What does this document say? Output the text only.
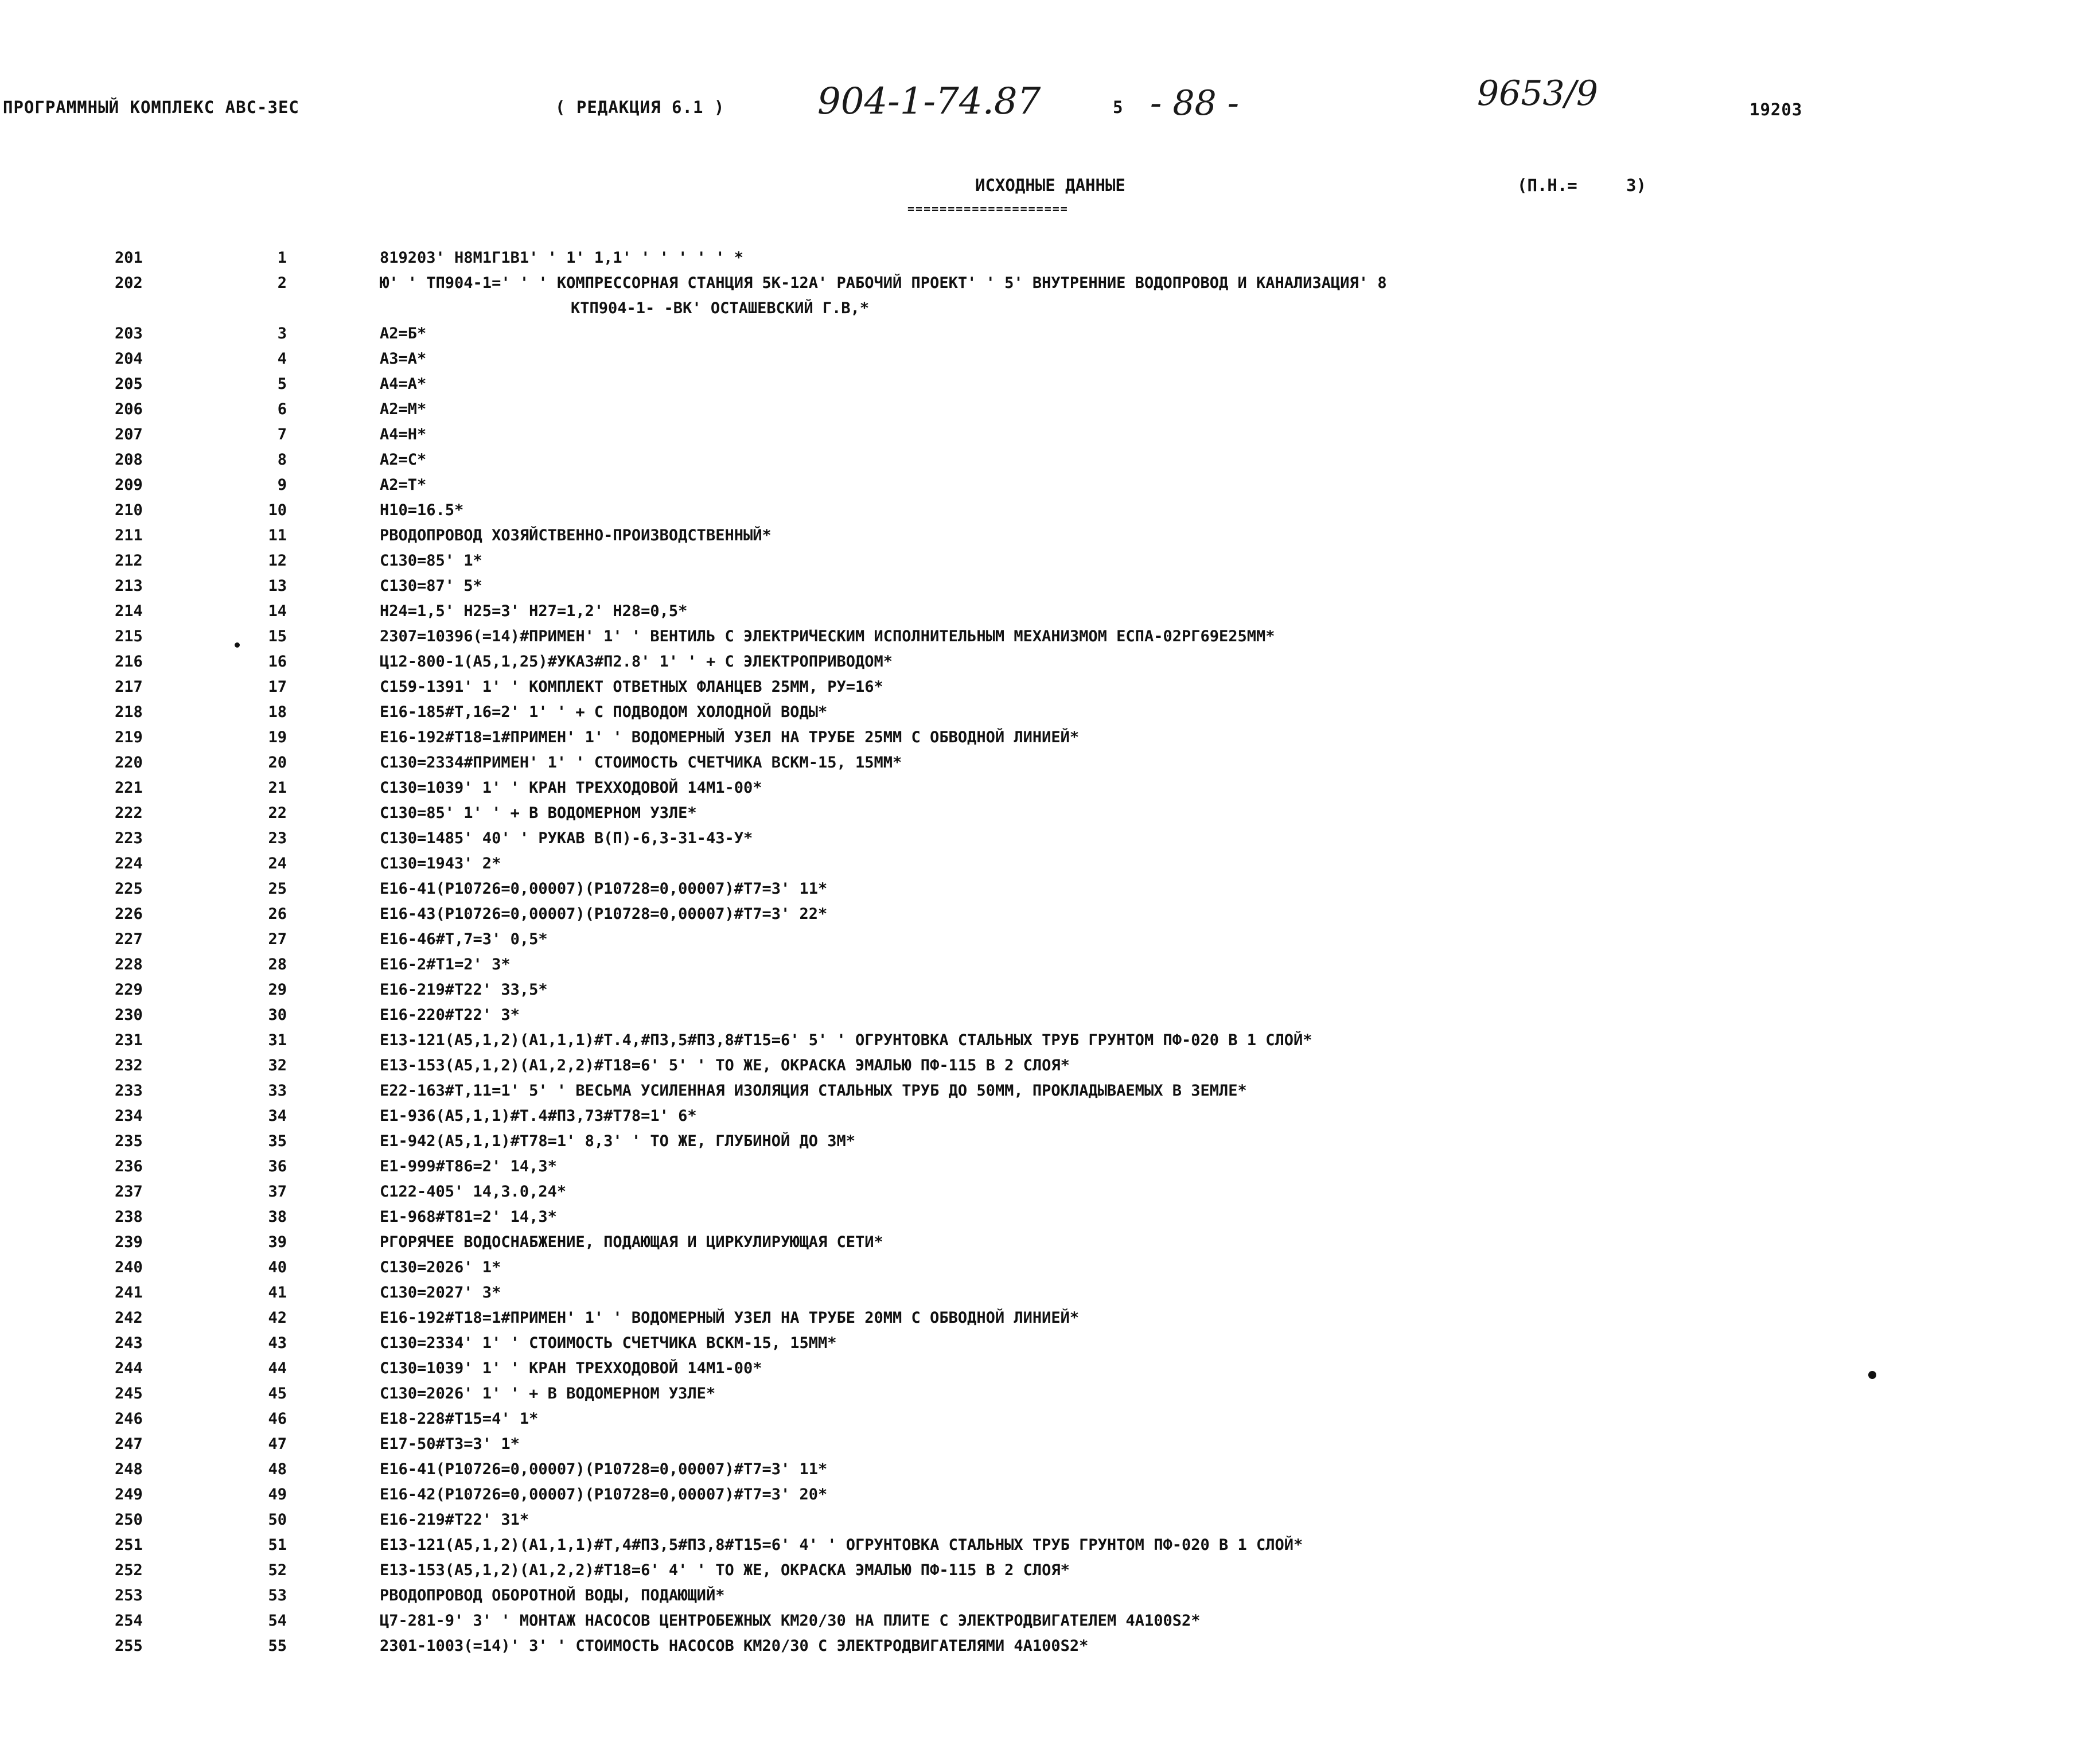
ПРОГРАММНЫЙ КОМПЛЕКС АВС-ЗЕС	( РЕДАКЦИЯ 6.1 )	904-1-74.87	5 - 88 -	9653/9	19203
ИСХОДНЫЕ ДАННЫЕ
====================
(П.Н.=	3)
201	1	819203' Н8М1Г1В1' ' 1' 1,1' ' ' ' ' ' *
202	2	Ю' ' ТП904-1=' ' ' КОМПРЕССОРНАЯ СТАНЦИЯ 5К-12А' РАБОЧИЙ ПРОЕКТ' ' 5' ВНУТРЕННИЕ ВОДОПРОВОД И КАНАЛИЗАЦИЯ' 8
КТП904-1- -ВК' ОСТАШЕВСКИЙ Г.В,*
203	3	А2=Б*
204	4	А3=А*
205	5	А4=А*
206	6	А2=М*
207	7	А4=Н*
208	8	А2=С*
209	9	А2=Т*
210	10	Н10=16.5*
211	11	РВОДОПРОВОД ХОЗЯЙСТВЕННО-ПРОИЗВОДСТВЕННЫЙ*
212	12	С130=85' 1*
213	13	С130=87' 5*
214	14	Н24=1,5' Н25=3' Н27=1,2' Н28=0,5*
215	15	2307=10396(=14)#ПРИМЕН' 1' ' ВЕНТИЛЬ С ЭЛЕКТРИЧЕСКИМ ИСПОЛНИТЕЛЬНЫМ МЕХАНИЗМОМ ЕСПА-02РГ69Е25ММ*
216	16	Ц12-800-1(А5,1,25)#УКАЗ#П2.8' 1' ' + С ЭЛЕКТРОПРИВОДОМ*
217	17	С159-1391' 1' ' КОМПЛЕКТ ОТВЕТНЫХ ФЛАНЦЕВ 25ММ, РУ=16*
218	18	Е16-185#Т,16=2' 1' ' + С ПОДВОДОМ ХОЛОДНОЙ ВОДЫ*
219	19	Е16-192#Т18=1#ПРИМЕН' 1' ' ВОДОМЕРНЫЙ УЗЕЛ НА ТРУБЕ 25ММ С ОБВОДНОЙ ЛИНИЕЙ*
220	20	С130=2334#ПРИМЕН' 1' ' СТОИМОСТЬ СЧЕТЧИКА ВСКМ-15, 15ММ*
221	21	С130=1039' 1' ' КРАН ТРЕХХОДОВОЙ 14М1-00*
222	22	С130=85' 1' ' + В ВОДОМЕРНОМ УЗЛЕ*
223	23	С130=1485' 40' ' РУКАВ В(П)-6,3-31-43-У*
224	24	С130=1943' 2*
225	25	Е16-41(Р10726=0,00007)(Р10728=0,00007)#Т7=3' 11*
226	26	Е16-43(Р10726=0,00007)(Р10728=0,00007)#Т7=3' 22*
227	27	Е16-46#Т,7=3' 0,5*
228	28	Е16-2#Т1=2' 3*
229	29	Е16-219#Т22' 33,5*
230	30	Е16-220#Т22' 3*
231	31	Е13-121(А5,1,2)(А1,1,1)#Т.4,#П3,5#П3,8#Т15=6' 5' ' ОГРУНТОВКА СТАЛЬНЫХ ТРУБ ГРУНТОМ ПФ-020 В 1 СЛОЙ*
232	32	Е13-153(А5,1,2)(А1,2,2)#Т18=6' 5' ' ТО ЖЕ, ОКРАСКА ЭМАЛЬЮ ПФ-115 В 2 СЛОЯ*
233	33	Е22-163#Т,11=1' 5' ' ВЕСЬМА УСИЛЕННАЯ ИЗОЛЯЦИЯ СТАЛЬНЫХ ТРУБ ДО 50ММ, ПРОКЛАДЫВАЕМЫХ В ЗЕМЛЕ*
234	34	Е1-936(А5,1,1)#Т.4#П3,73#Т78=1' 6*
235	35	Е1-942(А5,1,1)#Т78=1' 8,3' ' ТО ЖЕ, ГЛУБИНОЙ ДО 3М*
236	36	Е1-999#Т86=2' 14,3*
237	37	С122-405' 14,3.0,24*
238	38	Е1-968#Т81=2' 14,3*
239	39	РГОРЯЧЕЕ ВОДОСНАБЖЕНИЕ, ПОДАЮЩАЯ И ЦИРКУЛИРУЮЩАЯ СЕТИ*
240	40	С130=2026' 1*
241	41	С130=2027' 3*
242	42	Е16-192#Т18=1#ПРИМЕН' 1' ' ВОДОМЕРНЫЙ УЗЕЛ НА ТРУБЕ 20ММ С ОБВОДНОЙ ЛИНИЕЙ*
243	43	С130=2334' 1' ' СТОИМОСТЬ СЧЕТЧИКА ВСКМ-15, 15ММ*
244	44	С130=1039' 1' ' КРАН ТРЕХХОДОВОЙ 14М1-00*
245	45	С130=2026' 1' ' + В ВОДОМЕРНОМ УЗЛЕ*
246	46	Е18-228#Т15=4' 1*
247	47	Е17-50#Т3=3' 1*
248	48	Е16-41(Р10726=0,00007)(Р10728=0,00007)#Т7=3' 11*
249	49	Е16-42(Р10726=0,00007)(Р10728=0,00007)#Т7=3' 20*
250	50	Е16-219#Т22' 31*
251	51	Е13-121(А5,1,2)(А1,1,1)#Т,4#П3,5#П3,8#Т15=6' 4' ' ОГРУНТОВКА СТАЛЬНЫХ ТРУБ ГРУНТОМ ПФ-020 В 1 СЛОЙ*
252	52	Е13-153(А5,1,2)(А1,2,2)#Т18=6' 4' ' ТО ЖЕ, ОКРАСКА ЭМАЛЬЮ ПФ-115 В 2 СЛОЯ*
253	53	РВОДОПРОВОД ОБОРОТНОЙ ВОДЫ, ПОДАЮЩИЙ*
254	54	Ц7-281-9' 3' ' МОНТАЖ НАСОСОВ ЦЕНТРОБЕЖНЫХ КМ20/30 НА ПЛИТЕ С ЭЛЕКТРОДВИГАТЕЛЕМ 4А100S2*
255	55	2301-1003(=14)' 3' ' СТОИМОСТЬ НАСОСОВ КМ20/30 С ЭЛЕКТРОДВИГАТЕЛЯМИ 4А100S2*
